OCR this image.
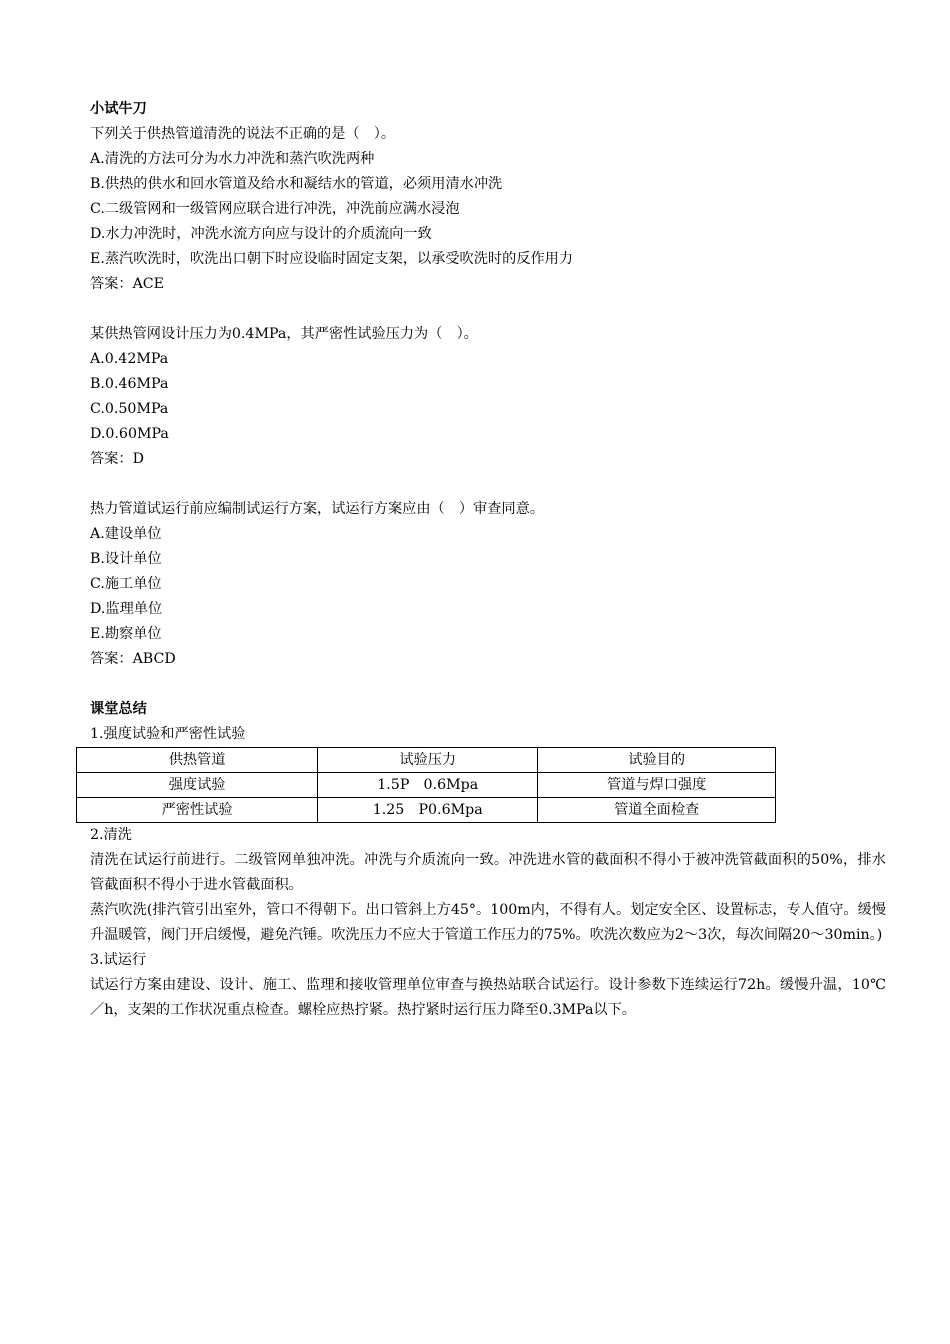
小试牛刀

下列关于供热管道清洗的说法不正确的是（　）。

A.清洗的方法可分为水力冲洗和蒸汽吹洗两种

B.供热的供水和回水管道及给水和凝结水的管道，必须用清水冲洗

C.二级管网和一级管网应联合进行冲洗，冲洗前应满水浸泡

D.水力冲洗时，冲洗水流方向应与设计的介质流向一致

E.蒸汽吹洗时，吹洗出口朝下时应设临时固定支架，以承受吹洗时的反作用力

答案：ACE

某供热管网设计压力为0.4MPa，其严密性试验压力为（　）。

A.0.42MPa

B.0.46MPa

C.0.50MPa

D.0.60MPa

答案：D

热力管道试运行前应编制试运行方案，试运行方案应由（　）审查同意。

A.建设单位

B.设计单位

C.施工单位

D.监理单位

E.勘察单位

答案：ABCD

课堂总结

1.强度试验和严密性试验

供热管道	试验压力	试验目的
强度试验	1.5P　0.6Mpa	管道与焊口强度
严密性试验	1.25　P0.6Mpa	管道全面检查

2.清洗

清洗在试运行前进行。二级管网单独冲洗。冲洗与介质流向一致。冲洗进水管的截面积不得小于被冲洗管截面积的50%，排水管截面积不得小于进水管截面积。

蒸汽吹洗(排汽管引出室外，管口不得朝下。出口管斜上方45°。100m内，不得有人。划定安全区、设置标志，专人值守。缓慢升温暖管，阀门开启缓慢，避免汽锤。吹洗压力不应大于管道工作压力的75%。吹洗次数应为2～3次，每次间隔20～30min。)

3.试运行

试运行方案由建设、设计、施工、监理和接收管理单位审查与换热站联合试运行。设计参数下连续运行72h。缓慢升温，10℃／h，支架的工作状况重点检查。螺栓应热拧紧。热拧紧时运行压力降至0.3MPa以下。
